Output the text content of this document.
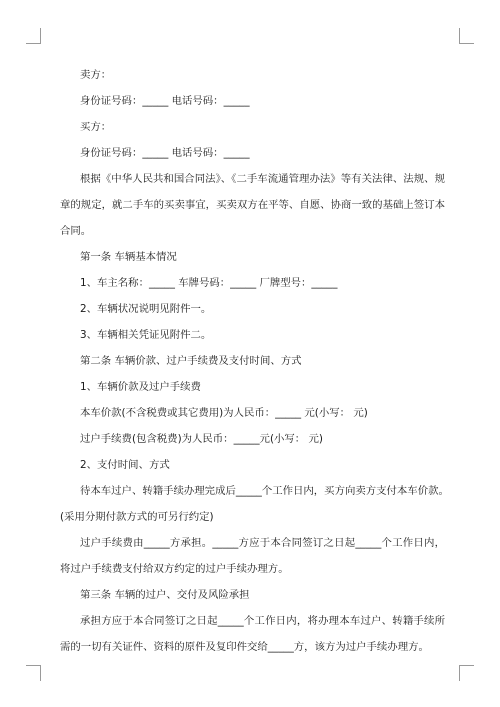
卖方：

身份证号码：_____ 电话号码：_____

买方：

身份证号码：_____ 电话号码：_____

根据《中华人民共和国合同法》、《二手车流通管理办法》等有关法律、法规、规章的规定，就二手车的买卖事宜，买卖双方在平等、自愿、协商一致的基础上签订本合同。

第一条 车辆基本情况

1、车主名称：_____ 车牌号码：_____ 厂牌型号：_____

2、车辆状况说明见附件一。

3、车辆相关凭证见附件二。

第二条 车辆价款、过户手续费及支付时间、方式

1、车辆价款及过户手续费

本车价款(不含税费或其它费用)为人民币：_____ 元(小写： 元)

过户手续费(包含税费)为人民币：_____元(小写： 元)

2、支付时间、方式

待本车过户、转籍手续办理完成后_____个工作日内，买方向卖方支付本车价款。

(采用分期付款方式的可另行约定)

过户手续费由_____方承担。_____方应于本合同签订之日起_____个工作日内，将过户手续费支付给双方约定的过户手续办理方。

第三条 车辆的过户、交付及风险承担

承担方应于本合同签订之日起_____个工作日内，将办理本车过户、转籍手续所需的一切有关证件、资料的原件及复印件交给_____方，该方为过户手续办理方。
